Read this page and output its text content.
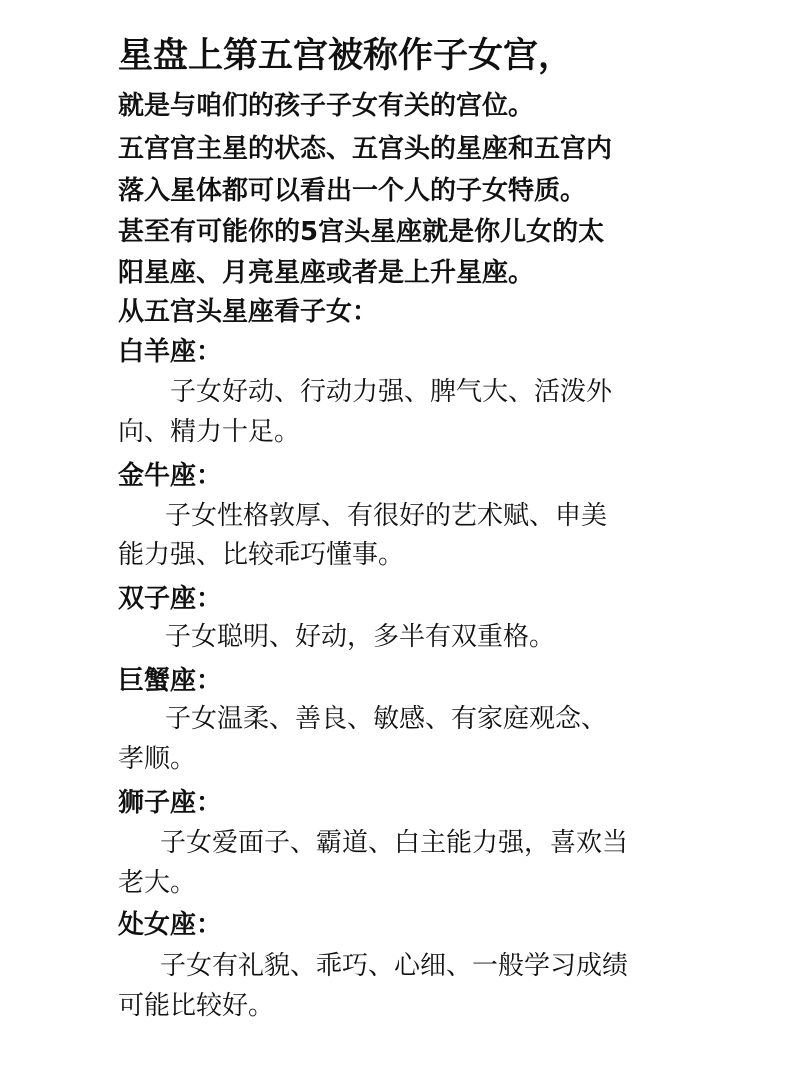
星盘上第五宫被称作子女宫，
就是与咱们的孩子子女有关的宫位。
五宫宫主星的状态、五宫头的星座和五宫内
落入星体都可以看出一个人的子女特质。
甚至有可能你的5宫头星座就是你儿女的太
阳星座、月亮星座或者是上升星座。
从五宫头星座看子女：
白羊座：
子女好动、行动力强、脾气大、活泼外
向、精力十足。
金牛座：
子女性格敦厚、有很好的艺术赋、申美
能力强、比较乖巧懂事。
双子座：
子女聪明、好动，多半有双重格。
巨蟹座：
子女温柔、善良、敏感、有家庭观念、
孝顺。
狮子座：
子女爱面子、霸道、白主能力强，喜欢当
老大。
处女座：
子女有礼貌、乖巧、心细、一般学习成绩
可能比较好。
